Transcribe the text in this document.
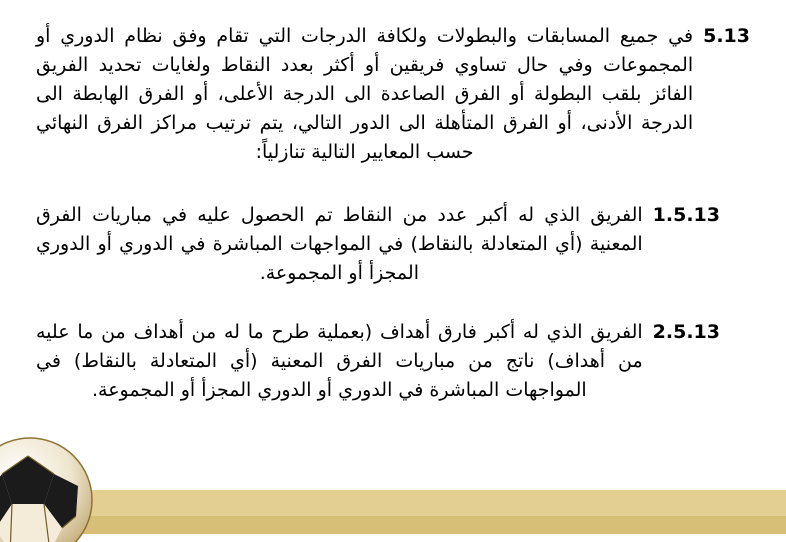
5.13
في جميع المسابقات والبطولات ولكافة الدرجات التي تقام وفق نظام الدوري أو المجموعات وفي حال تساوي فريقين أو أكثر بعدد النقاط ولغايات تحديد الفريق الفائز بلقب البطولة أو الفرق الصاعدة الى الدرجة الأعلى، أو الفرق الهابطة الى الدرجة الأدنى، أو الفرق المتأهلة الى الدور التالي، يتم ترتيب مراكز الفرق النهائي حسب المعايير التالية تنازلياً:
1.5.13
الفريق الذي له أكبر عدد من النقاط تم الحصول عليه في مباريات الفرق المعنية (أي المتعادلة بالنقاط) في المواجهات المباشرة في الدوري أو الدوري المجزأ أو المجموعة.
2.5.13
الفريق الذي له أكبر فارق أهداف (بعملية طرح ما له من أهداف من ما عليه من أهداف) ناتج من مباريات الفرق المعنية (أي المتعادلة بالنقاط) في المواجهات المباشرة في الدوري أو الدوري المجزأ أو المجموعة.
